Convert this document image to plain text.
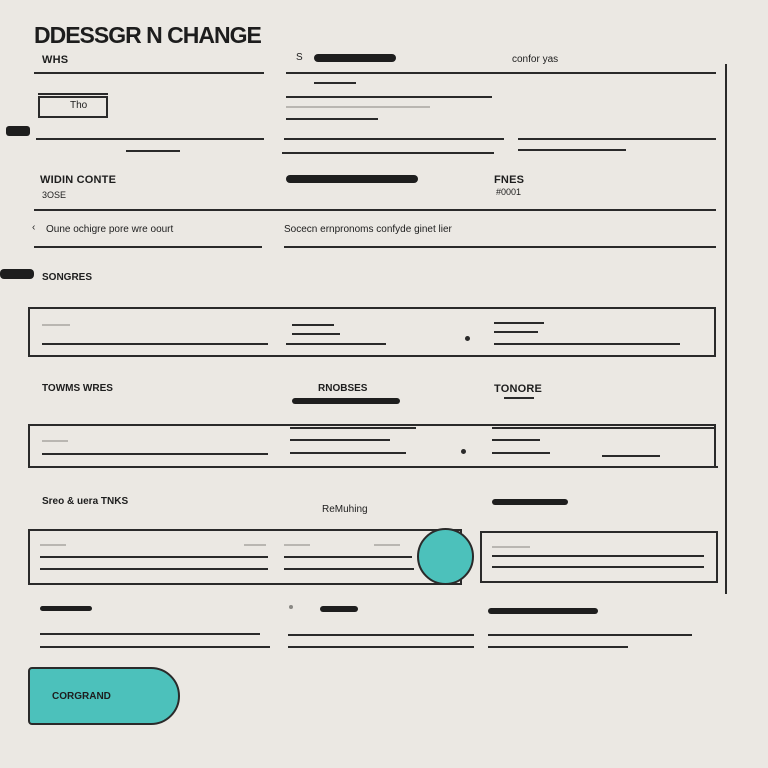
DDESSGR N CHANGE
WHS	S	confor yas
Tho
WIDIN CONTE
3OSE
FNES
#0001
‹ Oune ochigre pore wre oourt	Socecn ernpronoms confyde ginet lier
SONGRES
TOWMS WRES	RNOBSES	TONORE
Sreo & uera TNKS
ReMuhing
CORGRAND
